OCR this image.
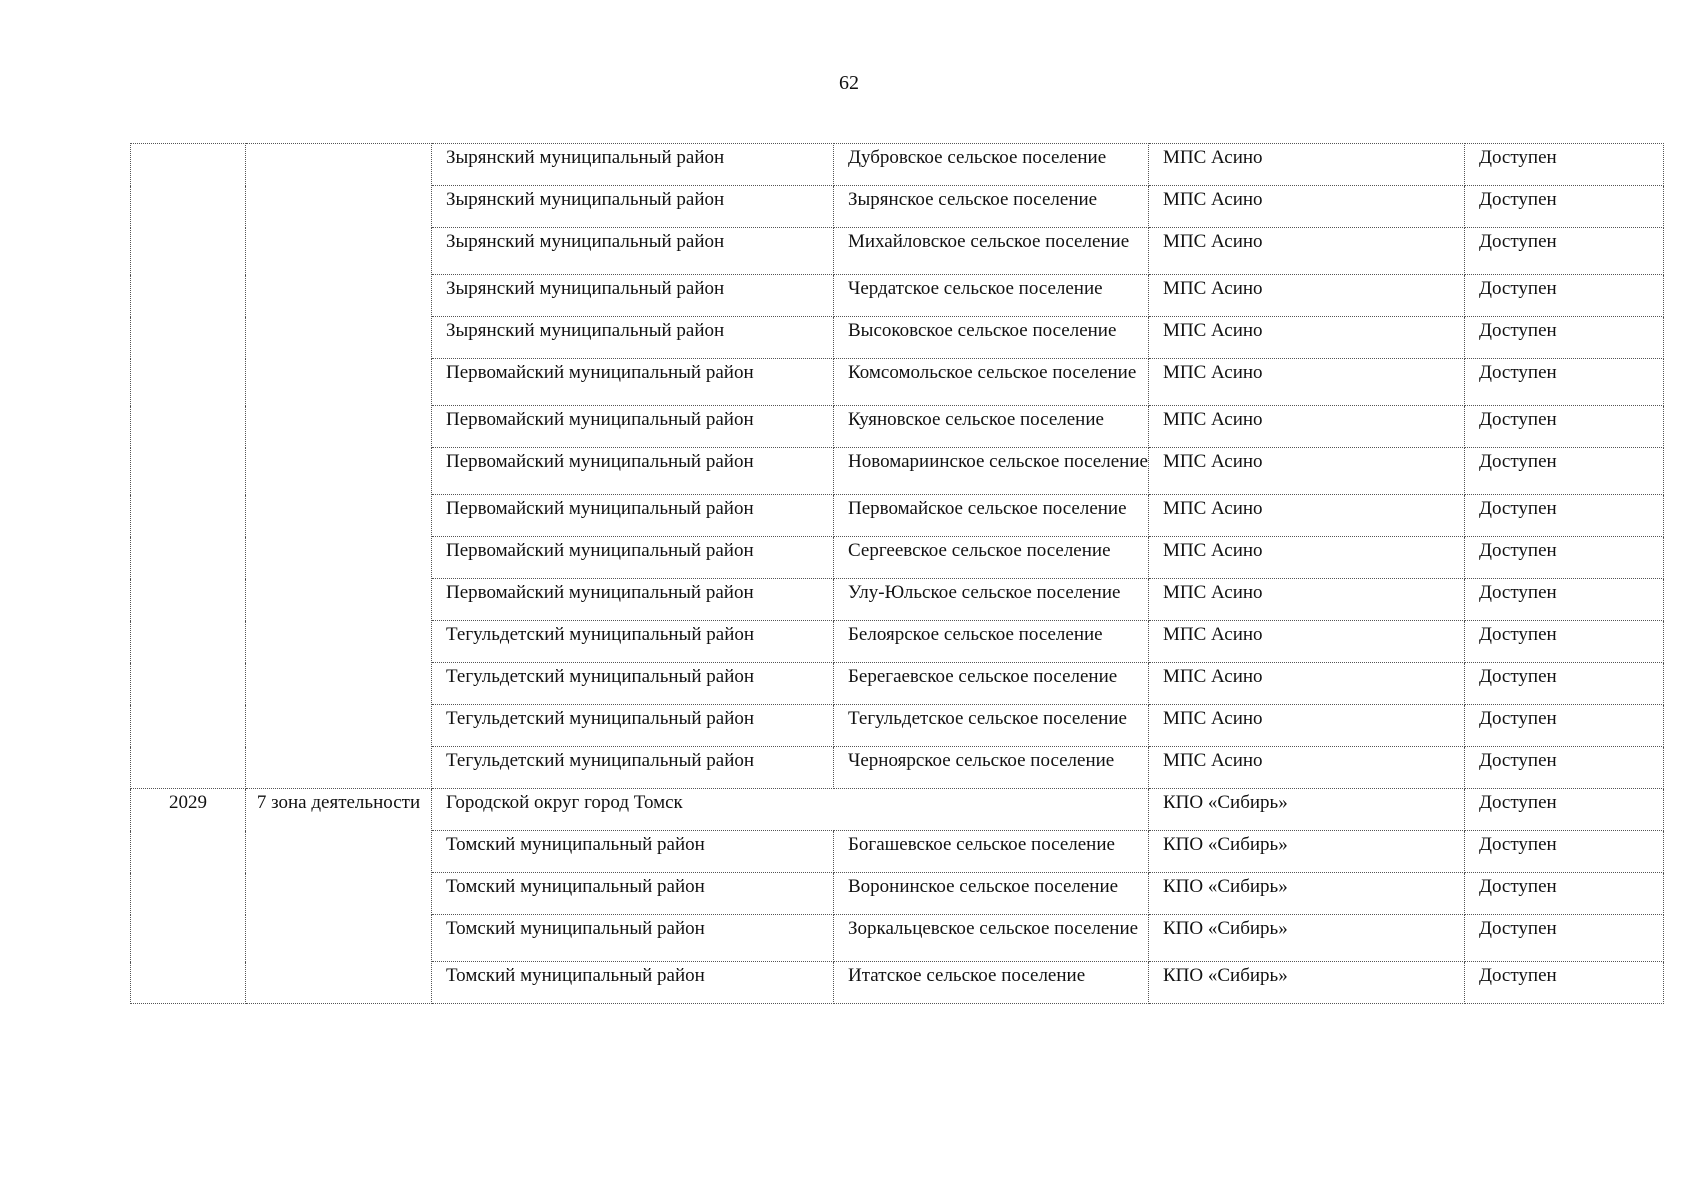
62
		Зырянский муниципальный район	Дубровское сельское поселение	МПС Асино	Доступен
		Зырянский муниципальный район	Зырянское сельское поселение	МПС Асино	Доступен
		Зырянский муниципальный район	Михайловское сельское поселение	МПС Асино	Доступен
		Зырянский муниципальный район	Чердатское сельское поселение	МПС Асино	Доступен
		Зырянский муниципальный район	Высоковское сельское поселение	МПС Асино	Доступен
		Первомайский муниципальный район	Комсомольское сельское поселение	МПС Асино	Доступен
		Первомайский муниципальный район	Куяновское сельское поселение	МПС Асино	Доступен
		Первомайский муниципальный район	Новомариинское сельское поселение	МПС Асино	Доступен
		Первомайский муниципальный район	Первомайское сельское поселение	МПС Асино	Доступен
		Первомайский муниципальный район	Сергеевское сельское поселение	МПС Асино	Доступен
		Первомайский муниципальный район	Улу-Юльское сельское поселение	МПС Асино	Доступен
		Тегульдетский муниципальный район	Белоярское сельское поселение	МПС Асино	Доступен
		Тегульдетский муниципальный район	Берегаевское сельское поселение	МПС Асино	Доступен
		Тегульдетский муниципальный район	Тегульдетское сельское поселение	МПС Асино	Доступен
		Тегульдетский муниципальный район	Черноярское сельское поселение	МПС Асино	Доступен
2029	7 зона деятельности	Городской округ город Томск		КПО «Сибирь»	Доступен
		Томский муниципальный район	Богашевское сельское поселение	КПО «Сибирь»	Доступен
		Томский муниципальный район	Воронинское сельское поселение	КПО «Сибирь»	Доступен
		Томский муниципальный район	Зоркальцевское сельское поселение	КПО «Сибирь»	Доступен
		Томский муниципальный район	Итатское сельское поселение	КПО «Сибирь»	Доступен
